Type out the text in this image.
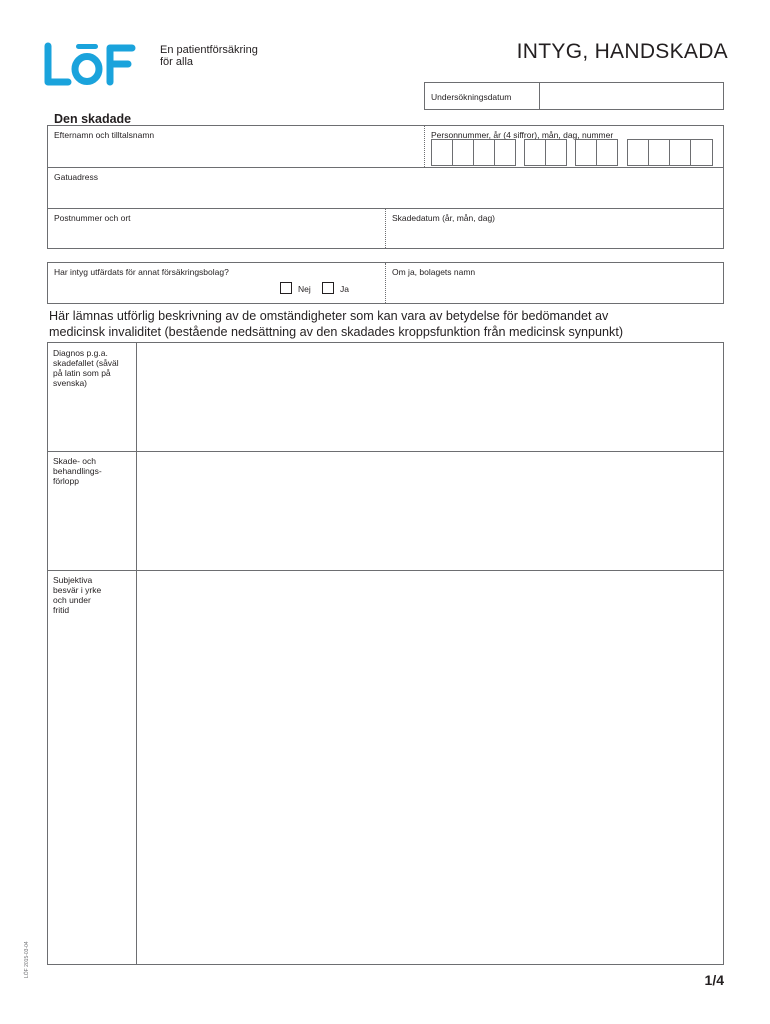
En patientförsäkring
för alla	INTYG, HANDSKADA
Undersökningsdatum
Den skadade
Efternamn och tilltalsnamn	Personnummer, år (4 siffror), mån, dag, nummer
Gatuadress
Postnummer och ort	Skadedatum (år, mån, dag)
Har intyg utfärdats för annat försäkringsbolag?
Nej	Ja
Om ja, bolagets namn
Här lämnas utförlig beskrivning av de omständigheter som kan vara av betydelse för bedömandet av
medicinsk invaliditet (bestående nedsättning av den skadades kroppsfunktion från medicinsk synpunkt)
Diagnos p.g.a.
skadefallet (såväl
på latin som på
svenska)
Skade- och
behandlings-
förlopp
Subjektiva
besvär i yrke
och under
fritid
LÖF 2015-03-04
1/4
